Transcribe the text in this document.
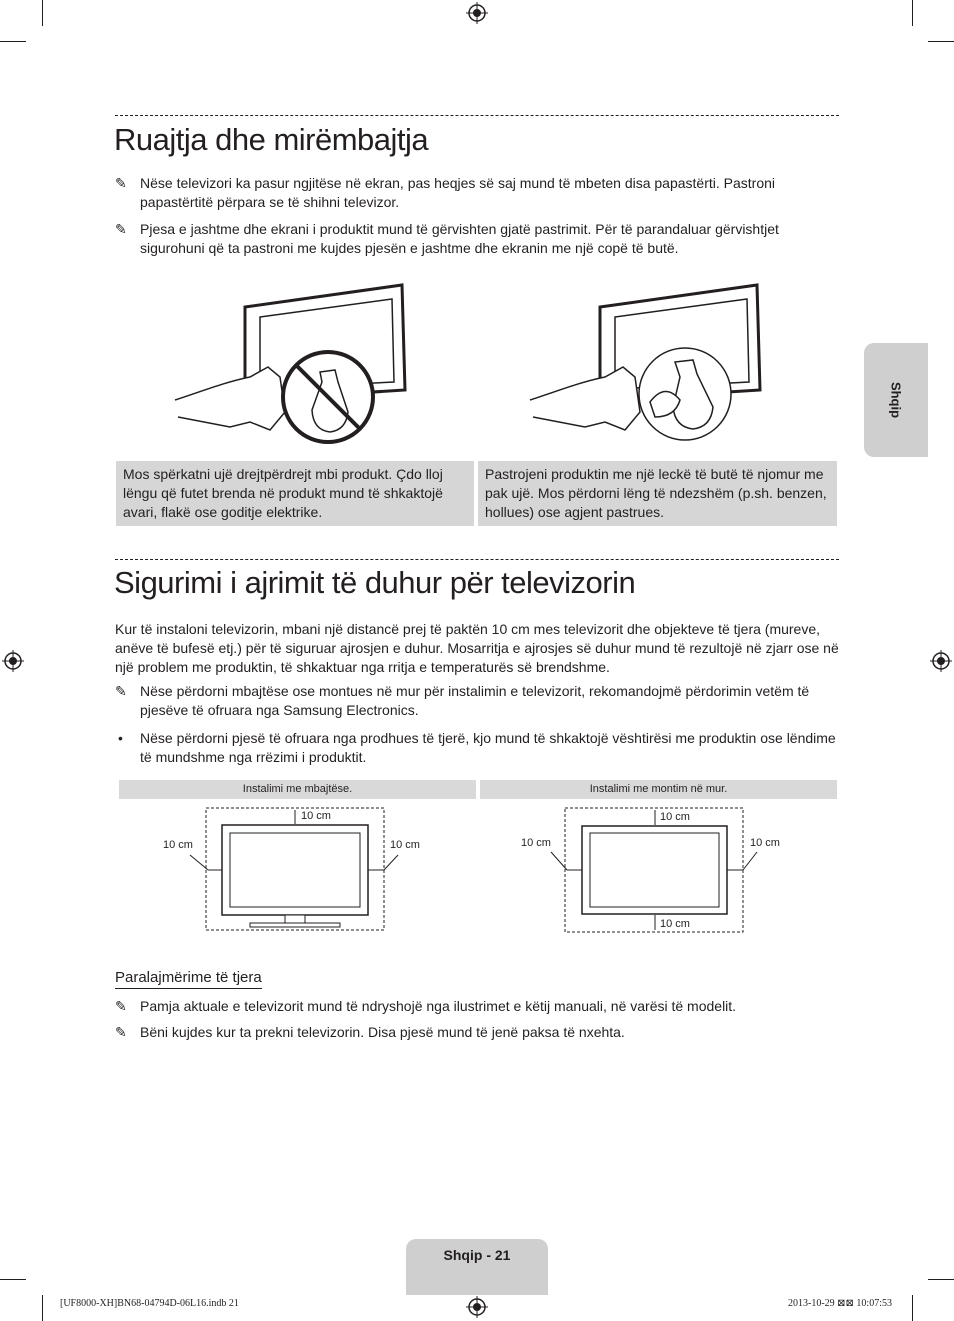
Ruajtja dhe mirëmbajtja
✎ Nëse televizori ka pasur ngjitëse në ekran, pas heqjes së saj mund të mbeten disa papastërti. Pastroni papastërtitë përpara se të shihni televizor.
✎ Pjesa e jashtme dhe ekrani i produktit mund të gërvishten gjatë pastrimit. Për të parandaluar gërvishtjet sigurohuni që ta pastroni me kujdes pjesën e jashtme dhe ekranin me një copë të butë.
Mos spërkatni ujë drejtpërdrejt mbi produkt. Çdo lloj lëngu që futet brenda në produkt mund të shkaktojë avari, flakë ose goditje elektrike.
Pastrojeni produktin me një leckë të butë të njomur me pak ujë. Mos përdorni lëng të ndezshëm (p.sh. benzen, hollues) ose agjent pastrues.
Sigurimi i ajrimit të duhur për televizorin
Kur të instaloni televizorin, mbani një distancë prej të paktën 10 cm mes televizorit dhe objekteve të tjera (mureve, anëve të bufesë etj.) për të siguruar ajrosjen e duhur. Mosarritja e ajrosjes së duhur mund të rezultojë në zjarr ose në një problem me produktin, të shkaktuar nga rritja e temperaturës së brendshme.
✎ Nëse përdorni mbajtëse ose montues në mur për instalimin e televizorit, rekomandojmë përdorimin vetëm të pjesëve të ofruara nga Samsung Electronics.
•	Nëse përdorni pjesë të ofruara nga prodhues të tjerë, kjo mund të shkaktojë vështirësi me produktin ose lëndime të mundshme nga rrëzimi i produktit.
Instalimi me mbajtëse.	Instalimi me montim në mur.
10 cm
10 cm	10 cm
10 cm
10 cm	10 cm
10 cm
Paralajmërime të tjera
✎ Pamja aktuale e televizorit mund të ndryshojë nga ilustrimet e këtij manuali, në varësi të modelit.
✎ Bëni kujdes kur ta prekni televizorin. Disa pjesë mund të jenë paksa të nxehta.
Shqip
Shqip - 21
[UF8000-XH]BN68-04794D-06L16.indb 21	2013-10-29 ⊠⊠ 10:07:53
